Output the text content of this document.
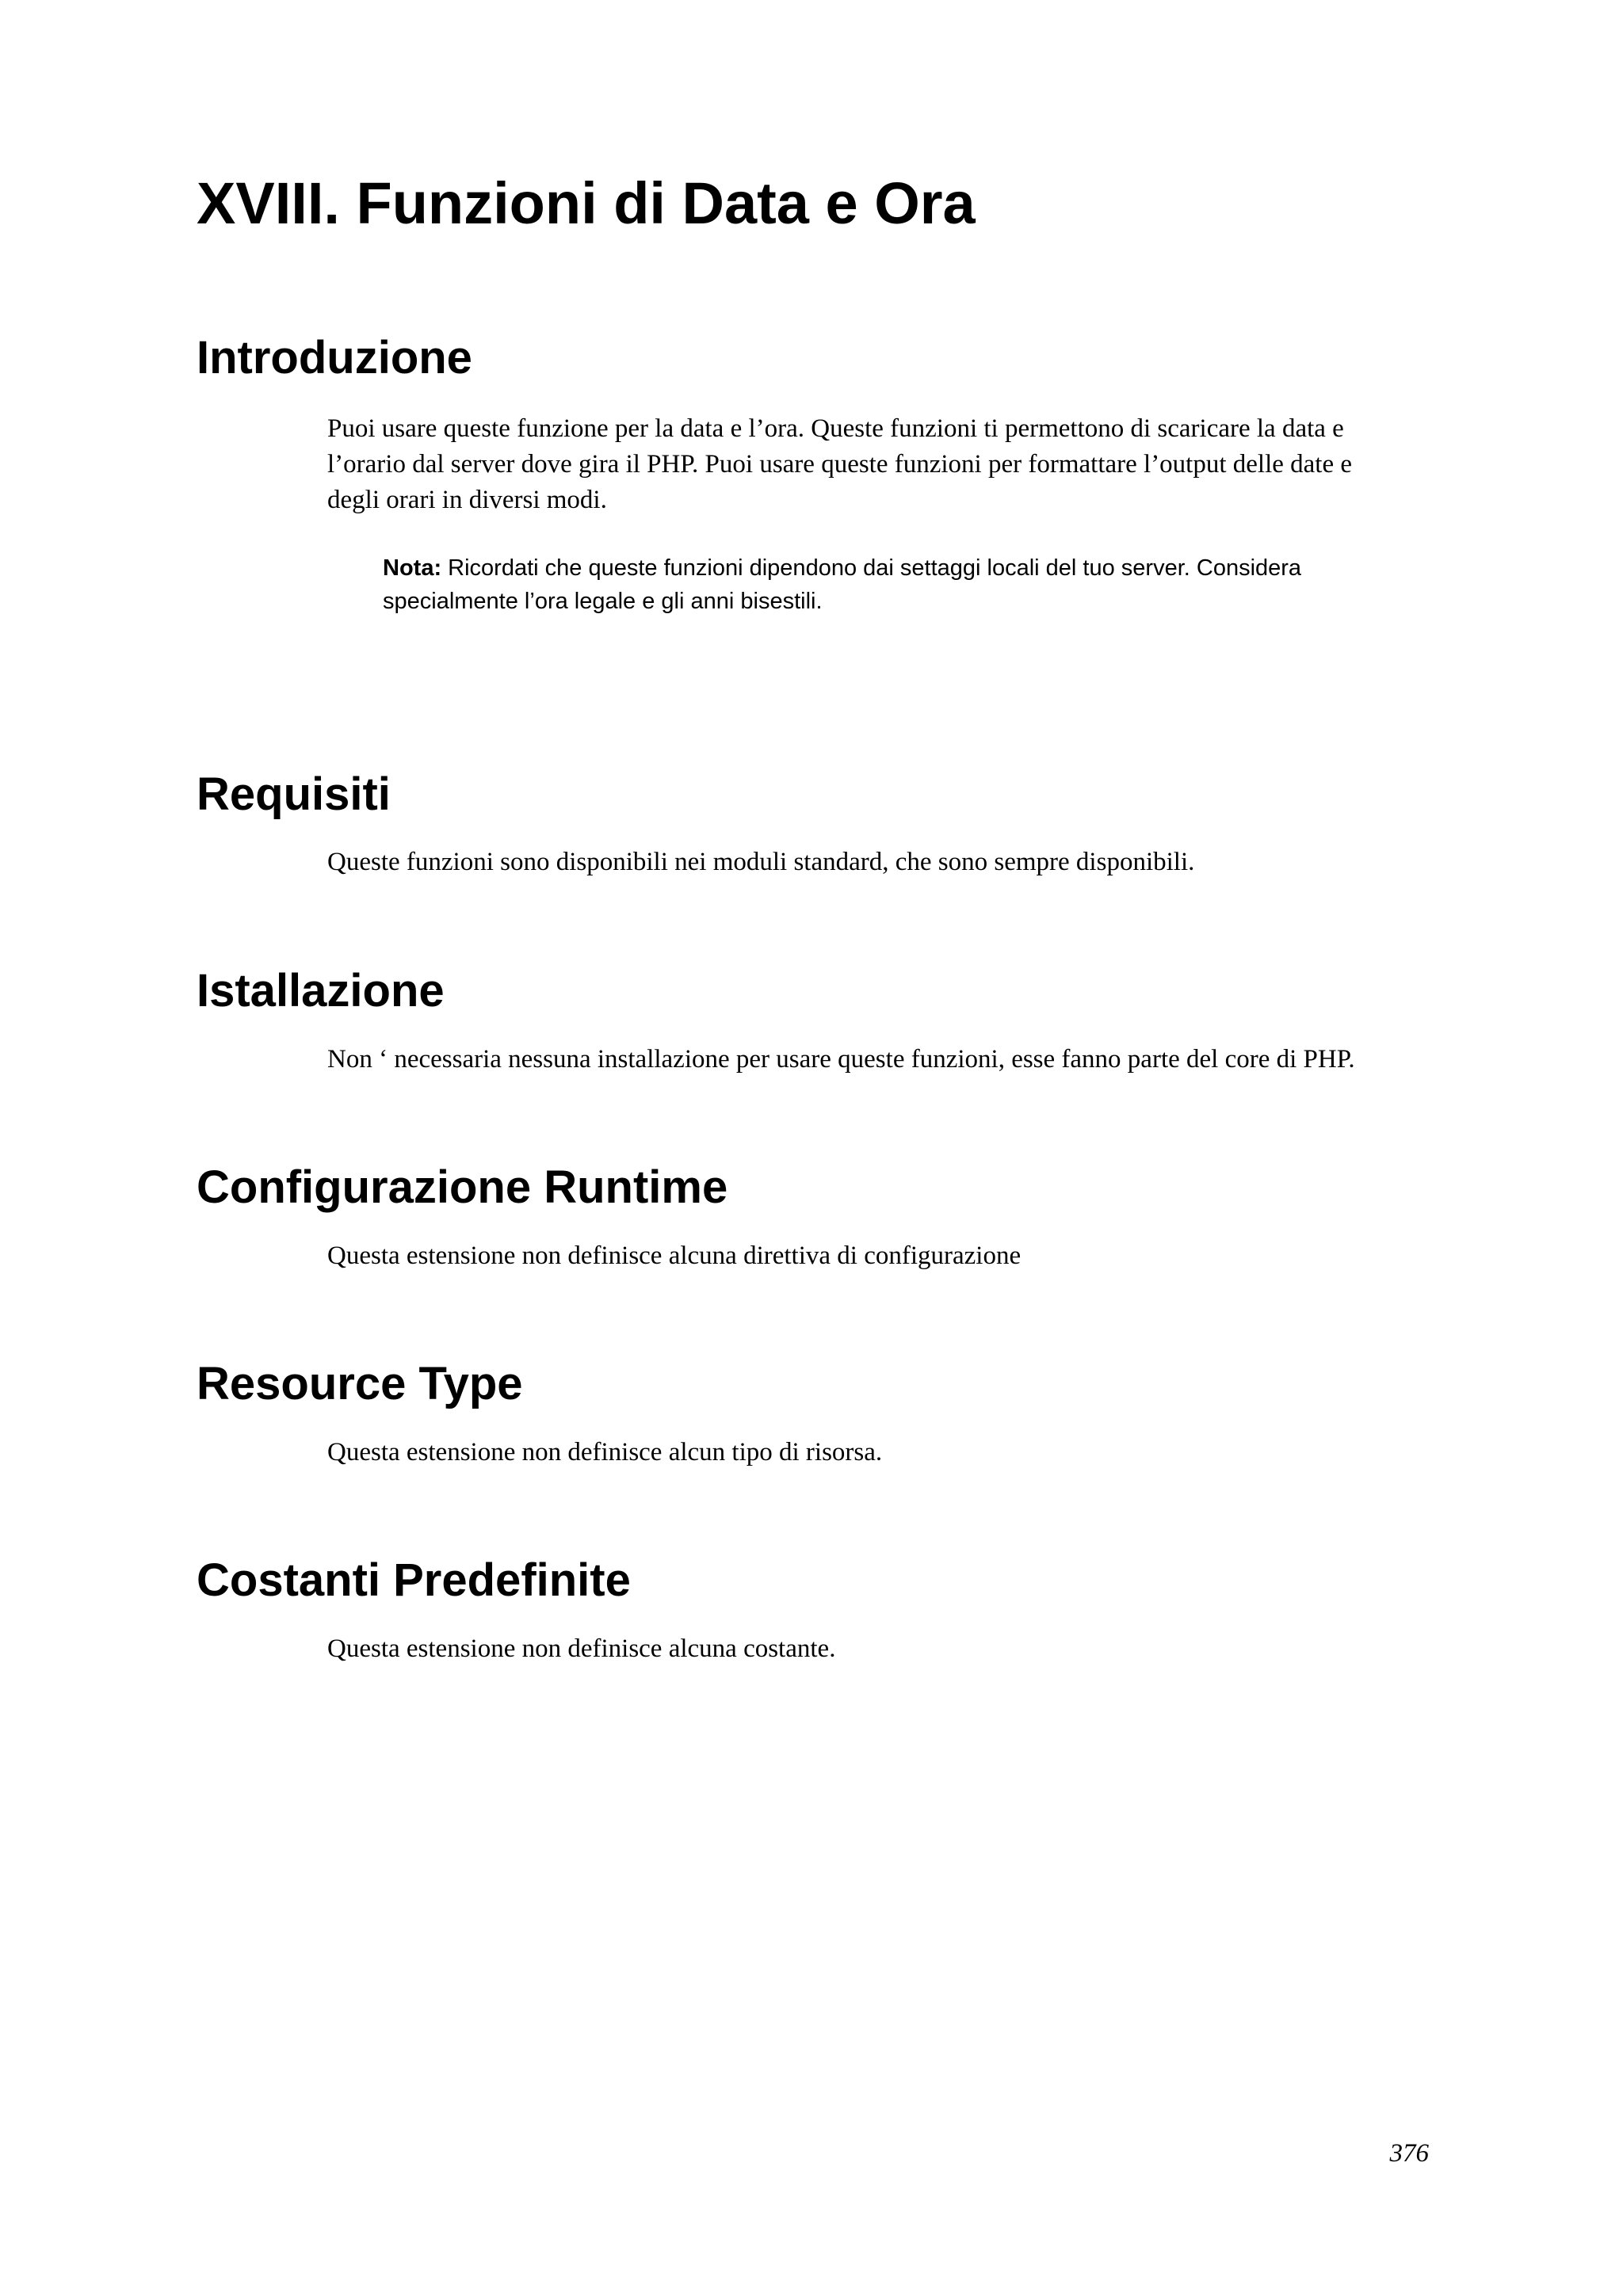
XVIII. Funzioni di Data e Ora
Introduzione

Puoi usare queste funzione per la data e l’ora. Queste funzioni ti permettono di scaricare la data e
l’orario dal server dove gira il PHP. Puoi usare queste funzioni per formattare l’output delle date e
degli orari in diversi modi.

Nota: Ricordati che queste funzioni dipendono dai settaggi locali del tuo server. Considera
specialmente l’ora legale e gli anni bisestili.

Requisiti

Queste funzioni sono disponibili nei moduli standard, che sono sempre disponibili.

Istallazione

Non ‘ necessaria nessuna installazione per usare queste funzioni, esse fanno parte del core di PHP.

Configurazione Runtime

Questa estensione non definisce alcuna direttiva di configurazione

Resource Type

Questa estensione non definisce alcun tipo di risorsa.

Costanti Predefinite

Questa estensione non definisce alcuna costante.

376
